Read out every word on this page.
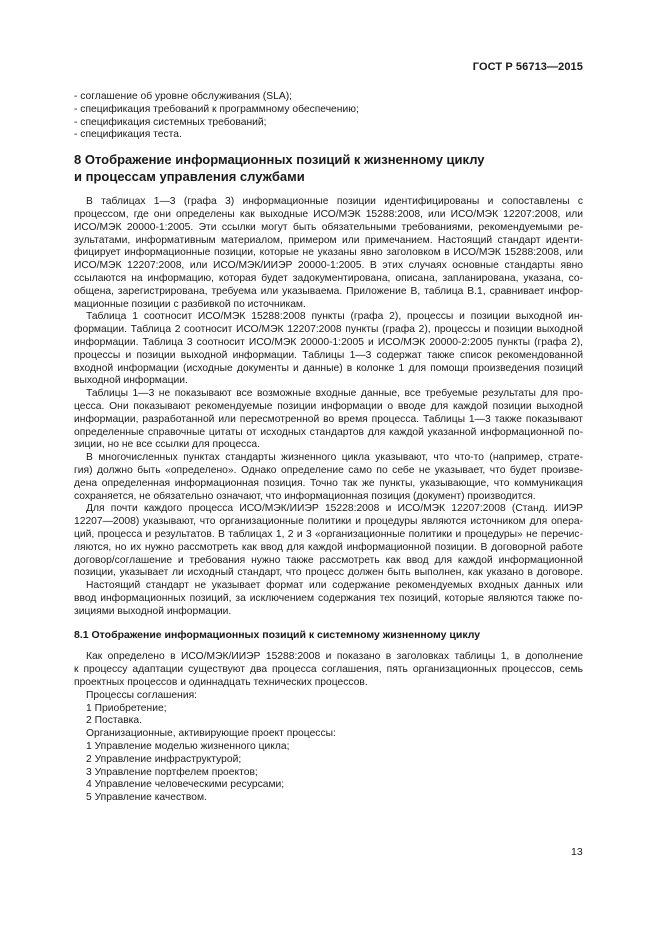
ГОСТ Р 56713—2015

- соглашение об уровне обслуживания (SLA);

- спецификация требований к программному обеспечению;

- спецификация системных требований;

- спецификация теста.

8 Отображение информационных позиций к жизненному циклу

и процессам управления службами

В таблицах 1—3 (графа 3) информационные позиции идентифицированы и сопоставлены с

процессом, где они определены как выходные ИСО/МЭК 15288:2008, или ИСО/МЭК 12207:2008, или

ИСО/МЭК 20000-1:2005. Эти ссылки могут быть обязательными требованиями, рекомендуемыми ре-

зультатами, информативным материалом, примером или примечанием. Настоящий стандарт иденти-

фицирует информационные позиции, которые не указаны явно заголовком в ИСО/МЭК 15288:2008, или

ИСО/МЭК 12207:2008, или ИСО/МЭК/ИИЭР 20000-1:2005. В этих случаях основные стандарты явно

ссылаются на информацию, которая будет задокументирована, описана, запланирована, указана, со-

общена, зарегистрирована, требуема или указываема. Приложение В, таблица В.1, сравнивает инфор-

мационные позиции с разбивкой по источникам.

Таблица 1 соотносит ИСО/МЭК 15288:2008 пункты (графа 2), процессы и позиции выходной ин-

формации. Таблица 2 соотносит ИСО/МЭК 12207:2008 пункты (графа 2), процессы и позиции выходной

информации. Таблица 3 соотносит ИСО/МЭК 20000-1:2005 и ИСО/МЭК 20000-2:2005 пункты (графа 2),

процессы и позиции выходной информации. Таблицы 1—3 содержат также список рекомендованной

входной информации (исходные документы и данные) в колонке 1 для помощи произведения позиций

выходной информации.

Таблицы 1—3 не показывают все возможные входные данные, все требуемые результаты для про-

цесса. Они показывают рекомендуемые позиции информации о вводе для каждой позиции выходной

информации, разработанной или пересмотренной во время процесса. Таблицы 1—3 также показывают

определенные справочные цитаты от исходных стандартов для каждой указанной информационной по-

зиции, но не все ссылки для процесса.

В многочисленных пунктах стандарты жизненного цикла указывают, что что-то (например, страте-

гия) должно быть «определено». Однако определение само по себе не указывает, что будет произве-

дена определенная информационная позиция. Точно так же пункты, указывающие, что коммуникация

сохраняется, не обязательно означают, что информационная позиция (документ) производится.

Для почти каждого процесса ИСО/МЭК/ИИЭР 15228:2008 и ИСО/МЭК 12207:2008 (Станд. ИИЭР

12207—2008) указывают, что организационные политики и процедуры являются источником для опера-

ций, процесса и результатов. В таблицах 1, 2 и 3 «организационные политики и процедуры» не перечис-

ляются, но их нужно рассмотреть как ввод для каждой информационной позиции. В договорной работе

договор/соглашение и требования нужно также рассмотреть как ввод для каждой информационной

позиции, указывает ли исходный стандарт, что процесс должен быть выполнен, как указано в договоре.

Настоящий стандарт не указывает формат или содержание рекомендуемых входных данных или

ввод информационных позиций, за исключением содержания тех позиций, которые являются также по-

зициями выходной информации.

8.1 Отображение информационных позиций к системному жизненному циклу

Как определено в ИСО/МЭК/ИИЭР 15288:2008 и показано в заголовках таблицы 1, в дополнение

к процессу адаптации существуют два процесса соглашения, пять организационных процессов, семь

проектных процессов и одиннадцать технических процессов.

Процессы соглашения:

1 Приобретение;

2 Поставка.

Организационные, активирующие проект процессы:

1 Управление моделью жизненного цикла;

2 Управление инфраструктурой;

3 Управление портфелем проектов;

4 Управление человеческими ресурсами;

5 Управление качеством.

13
